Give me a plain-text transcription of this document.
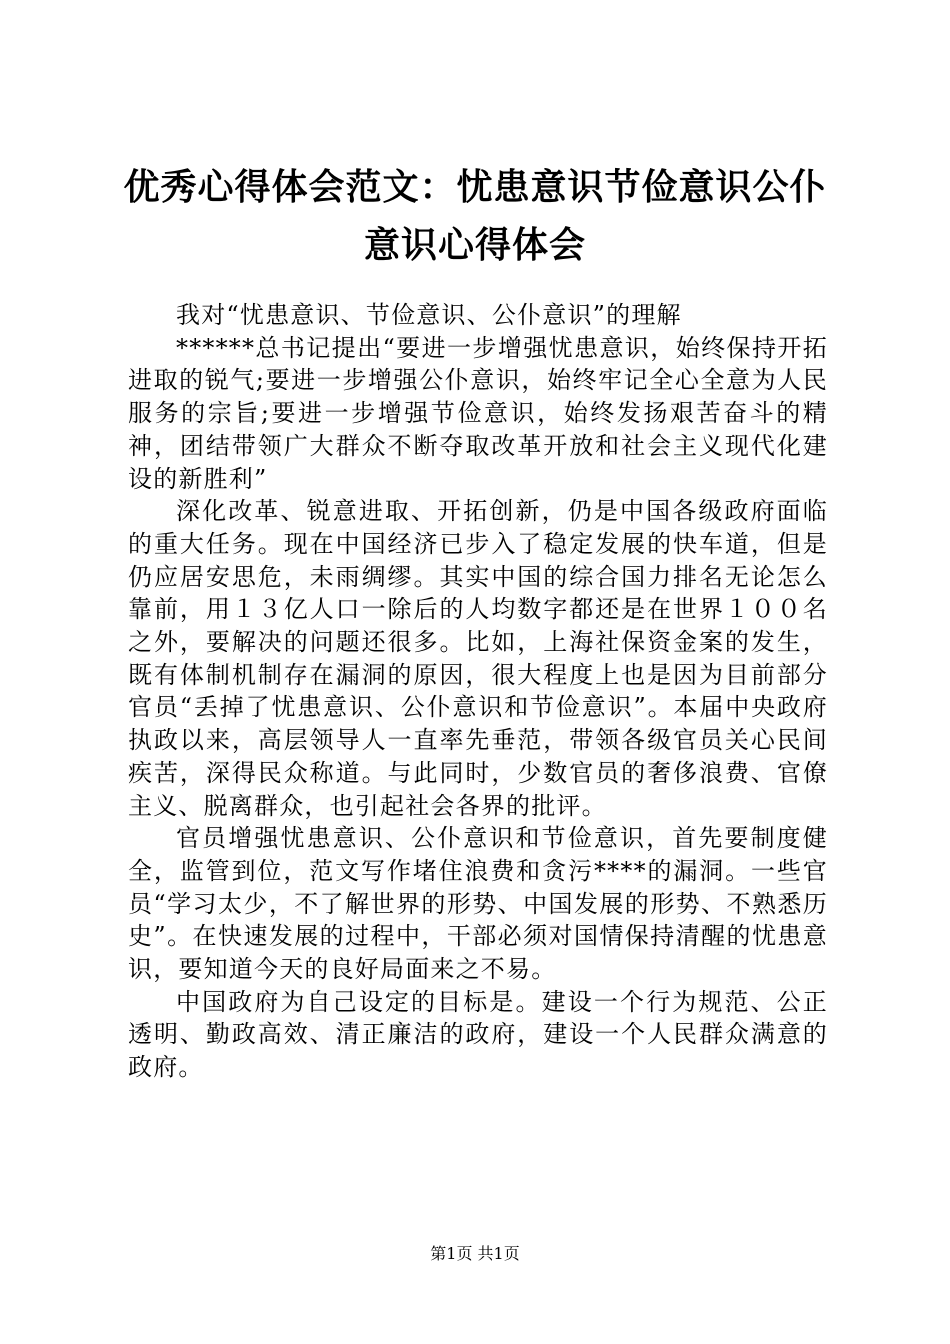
优秀心得体会范文：忧患意识节俭意识公仆意识心得体会

我对“忧患意识、节俭意识、公仆意识”的理解

******总书记提出“要进一步增强忧患意识，始终保持开拓进取的锐气;要进一步增强公仆意识，始终牢记全心全意为人民服务的宗旨;要进一步增强节俭意识，始终发扬艰苦奋斗的精神，团结带领广大群众不断夺取改革开放和社会主义现代化建设的新胜利”

深化改革、锐意进取、开拓创新，仍是中国各级政府面临的重大任务。现在中国经济已步入了稳定发展的快车道，但是仍应居安思危，未雨绸缪。其实中国的综合国力排名无论怎么靠前，用１３亿人口一除后的人均数字都还是在世界１００名之外，要解决的问题还很多。比如，上海社保资金案的发生，既有体制机制存在漏洞的原因，很大程度上也是因为目前部分官员“丢掉了忧患意识、公仆意识和节俭意识”。本届中央政府执政以来，高层领导人一直率先垂范，带领各级官员关心民间疾苦，深得民众称道。与此同时，少数官员的奢侈浪费、官僚主义、脱离群众，也引起社会各界的批评。

官员增强忧患意识、公仆意识和节俭意识，首先要制度健全，监管到位，范文写作堵住浪费和贪污****的漏洞。一些官员“学习太少，不了解世界的形势、中国发展的形势、不熟悉历史”。在快速发展的过程中，干部必须对国情保持清醒的忧患意识，要知道今天的良好局面来之不易。

中国政府为自己设定的目标是。建设一个行为规范、公正透明、勤政高效、清正廉洁的政府，建设一个人民群众满意的政府。

第1页 共1页
